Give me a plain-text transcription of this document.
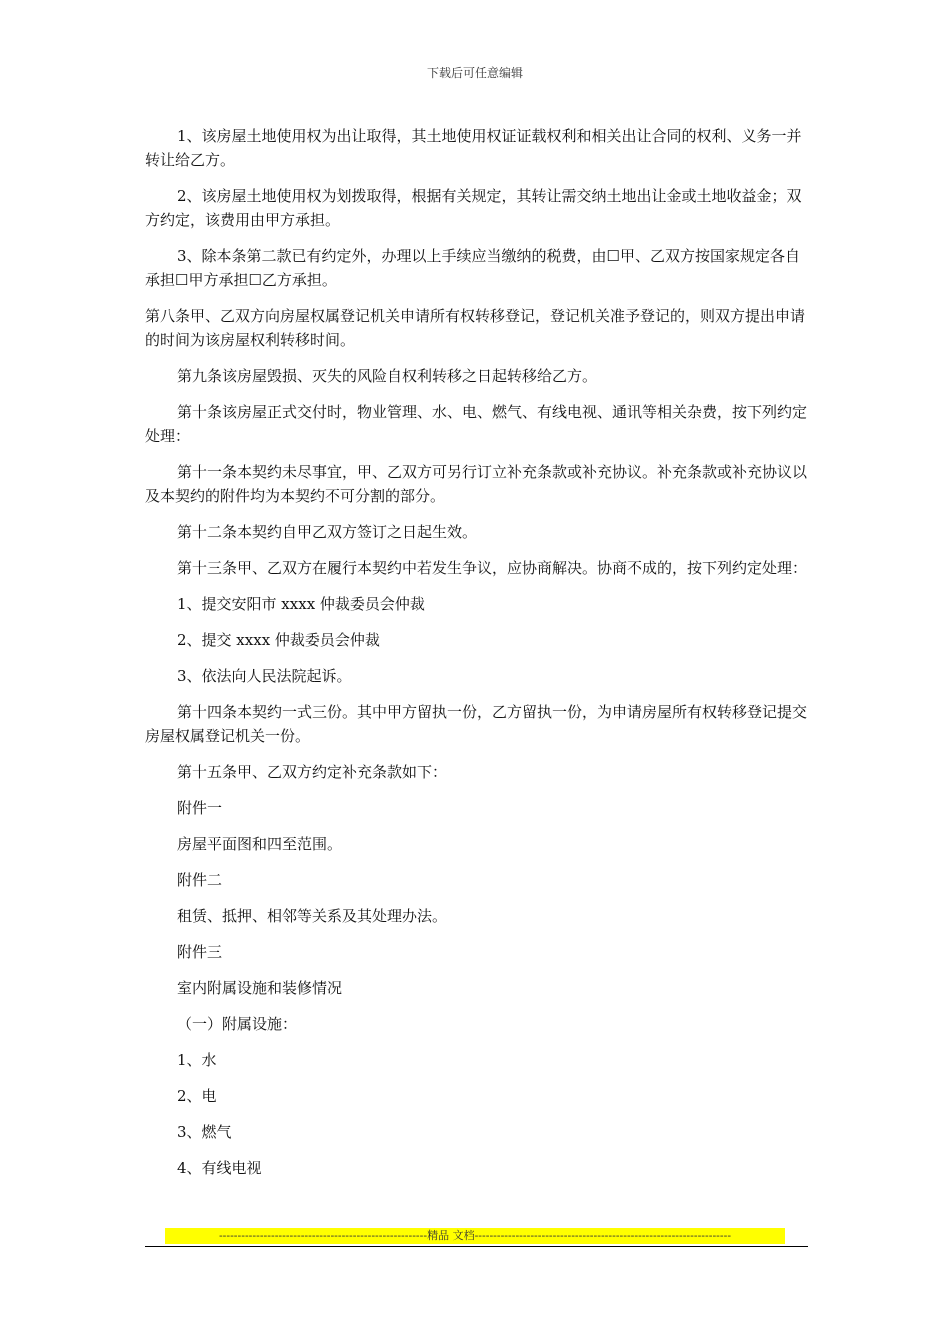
下载后可任意编辑

1、该房屋土地使用权为出让取得，其土地使用权证证载权利和相关出让合同的权利、义务一并转让给乙方。

2、该房屋土地使用权为划拨取得，根据有关规定，其转让需交纳土地出让金或土地收益金；双方约定，该费用由甲方承担。

3、除本条第二款已有约定外，办理以上手续应当缴纳的税费，由☐甲、乙双方按国家规定各自承担☐甲方承担☐乙方承担。

第八条甲、乙双方向房屋权属登记机关申请所有权转移登记，登记机关准予登记的，则双方提出申请的时间为该房屋权利转移时间。

第九条该房屋毁损、灭失的风险自权利转移之日起转移给乙方。

第十条该房屋正式交付时，物业管理、水、电、燃气、有线电视、通讯等相关杂费，按下列约定处理：

第十一条本契约未尽事宜，甲、乙双方可另行订立补充条款或补充协议。补充条款或补充协议以及本契约的附件均为本契约不可分割的部分。

第十二条本契约自甲乙双方签订之日起生效。

第十三条甲、乙双方在履行本契约中若发生争议，应协商解决。协商不成的，按下列约定处理：

1、提交安阳市 xxxx 仲裁委员会仲裁

2、提交 xxxx 仲裁委员会仲裁

3、依法向人民法院起诉。

第十四条本契约一式三份。其中甲方留执一份，乙方留执一份，为申请房屋所有权转移登记提交房屋权属登记机关一份。

第十五条甲、乙双方约定补充条款如下：

附件一

房屋平面图和四至范围。

附件二

租赁、抵押、相邻等关系及其处理办法。

附件三

室内附属设施和装修情况

（一）附属设施：

1、水

2、电

3、燃气

4、有线电视

--------------------------------------------------------精品 文档---------------------------------------------------------------------
